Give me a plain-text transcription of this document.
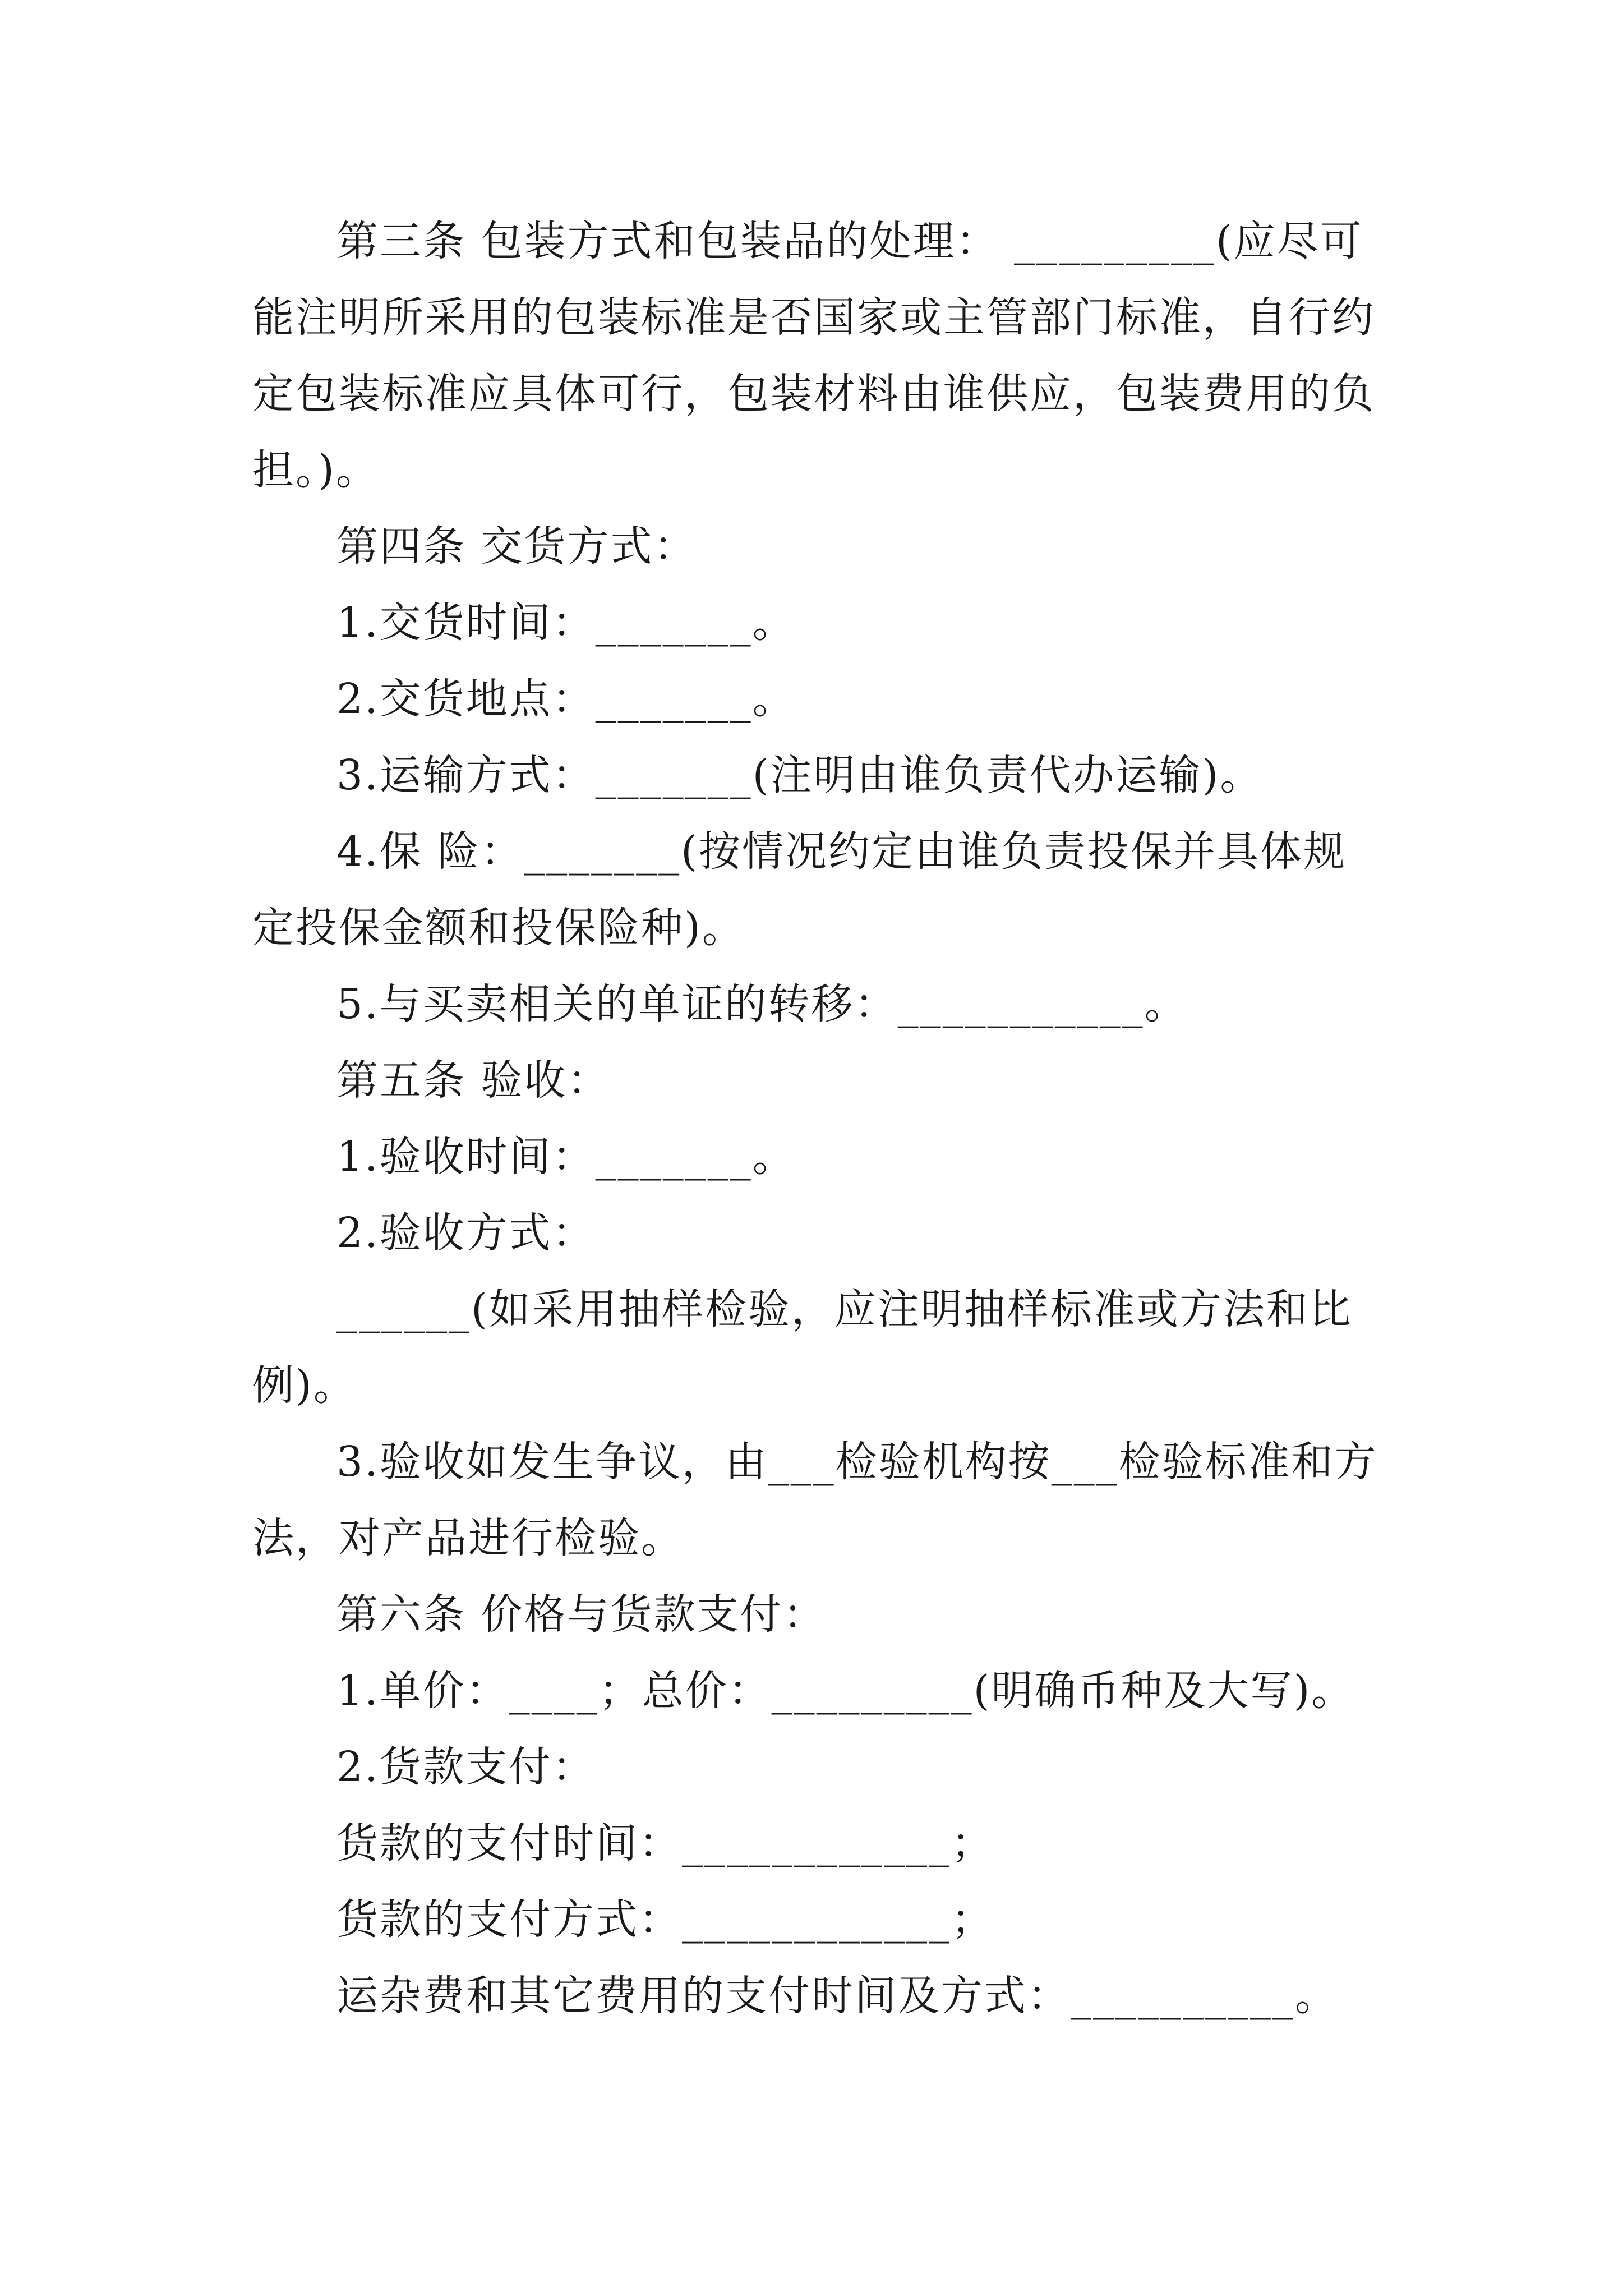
第三条 包装方式和包装品的处理： _________(应尽可
能注明所采用的包装标准是否国家或主管部门标准，自行约
定包装标准应具体可行，包装材料由谁供应，包装费用的负
担。)。
第四条 交货方式：
1.交货时间：_______。
2.交货地点：_______。
3.运输方式：_______(注明由谁负责代办运输)。
4.保 险：_______(按情况约定由谁负责投保并具体规
定投保金额和投保险种)。
5.与买卖相关的单证的转移：___________。
第五条 验收：
1.验收时间：_______。
2.验收方式：
______(如采用抽样检验，应注明抽样标准或方法和比
例)。
3.验收如发生争议，由___检验机构按___检验标准和方
法，对产品进行检验。
第六条 价格与货款支付：
1.单价：____；总价：_________(明确币种及大写)。
2.货款支付：
货款的支付时间：____________；
货款的支付方式：____________；
运杂费和其它费用的支付时间及方式：__________。
